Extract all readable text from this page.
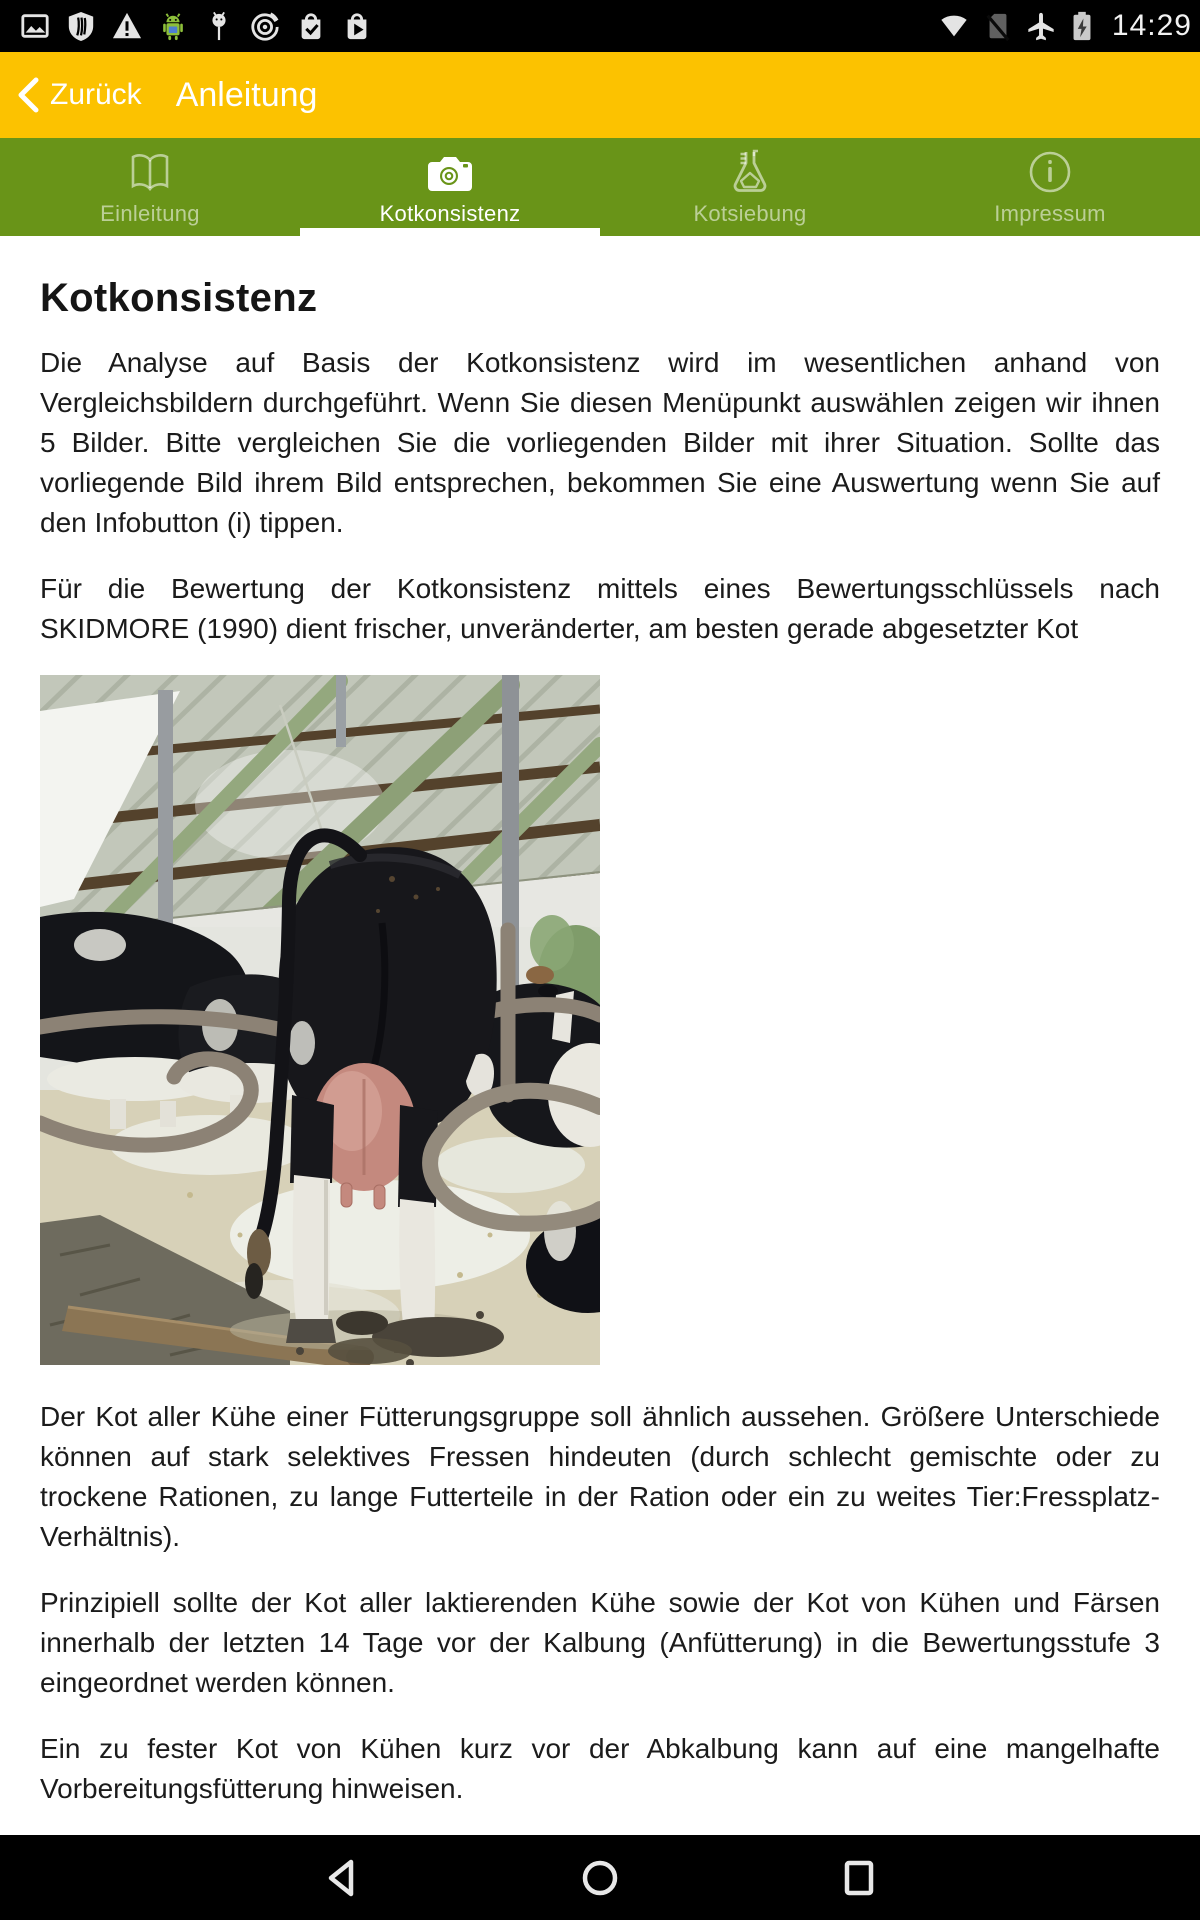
14:29
Zurück Anleitung
Einleitung	Kotkonsistenz	Kotsiebung	Impressum
Kotkonsistenz

Die Analyse auf Basis der Kotkonsistenz wird im wesentlichen anhand von Vergleichsbildern durchgeführt. Wenn Sie diesen Menüpunkt auswählen zeigen wir ihnen 5 Bilder. Bitte vergleichen Sie die vorliegenden Bilder mit ihrer Situation. Sollte das vorliegende Bild ihrem Bild entsprechen, bekommen Sie eine Auswertung wenn Sie auf den Infobutton (i) tippen.

Für die Bewertung der Kotkonsistenz mittels eines Bewertungsschlüssels nach SKIDMORE (1990) dient frischer, unveränderter, am besten gerade abgesetzter Kot

Der Kot aller Kühe einer Fütterungsgruppe soll ähnlich aussehen. Größere Unterschiede können auf stark selektives Fressen hindeuten (durch schlecht gemischte oder zu trockene Rationen, zu lange Futterteile in der Ration oder ein zu weites Tier:Fressplatz-Verhältnis).

Prinzipiell sollte der Kot aller laktierenden Kühe sowie der Kot von Kühen und Färsen innerhalb der letzten 14 Tage vor der Kalbung (Anfütterung) in die Bewertungsstufe 3 eingeordnet werden können.

Ein zu fester Kot von Kühen kurz vor der Abkalbung kann auf eine mangelhafte Vorbereitungsfütterung hinweisen.
